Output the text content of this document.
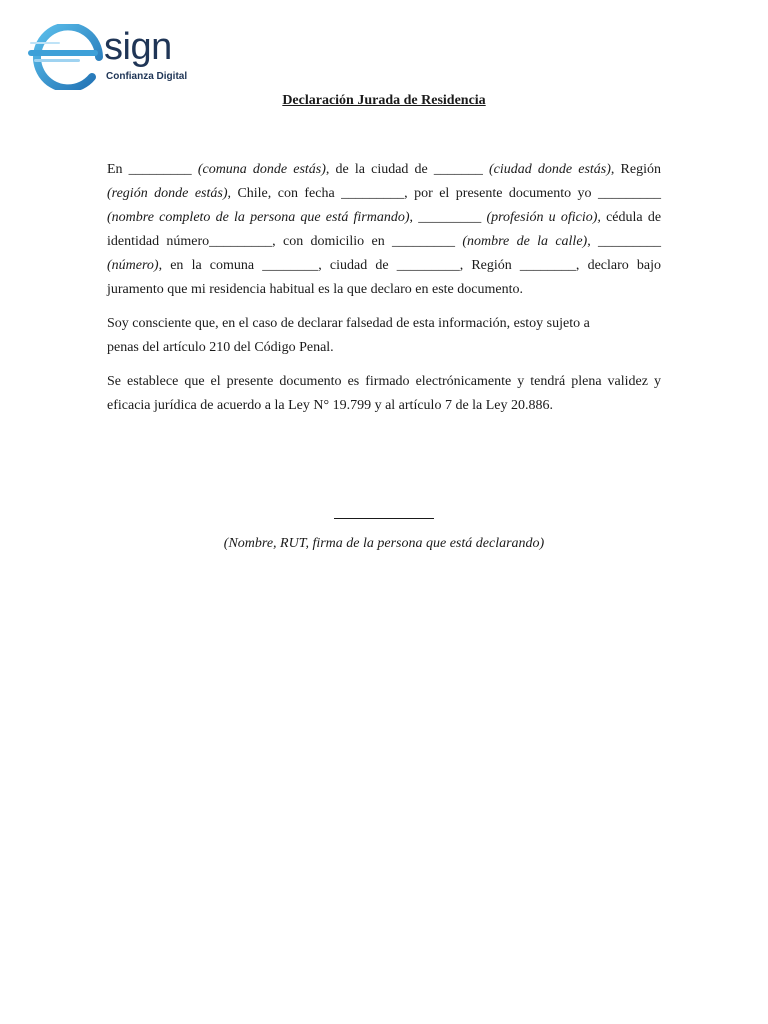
sign
Confianza Digital
Declaración Jurada de Residencia

En _________ (comuna donde estás), de la ciudad de _______ (ciudad donde estás), Región (región donde estás), Chile, con fecha _________, por el presente documento yo _________ (nombre completo de la persona que está firmando), _________ (profesión u oficio), cédula de identidad número_________, con domicilio en _________ (nombre de la calle), _________ (número), en la comuna ________, ciudad de _________, Región ________, declaro bajo juramento que mi residencia habitual es la que declaro en este documento.

Soy consciente que, en el caso de declarar falsedad de esta información, estoy sujeto a
penas del artículo 210 del Código Penal.

Se establece que el presente documento es firmado electrónicamente y tendrá plena validez y eficacia jurídica de acuerdo a la Ley N° 19.799 y al artículo 7 de la Ley 20.886.

(Nombre, RUT, firma de la persona que está declarando)
